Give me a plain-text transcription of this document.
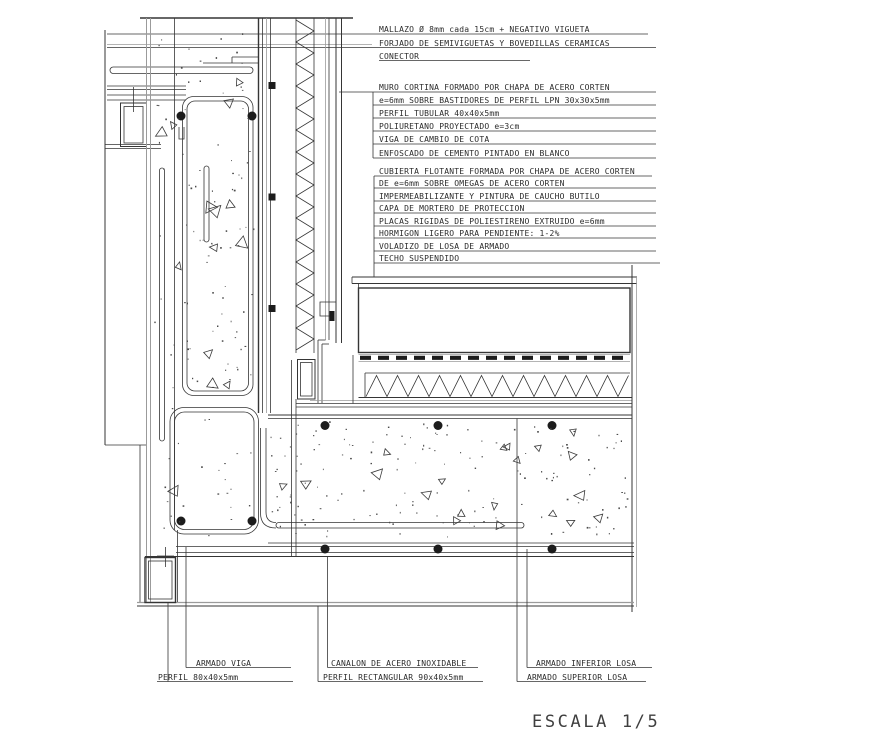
MALLAZO Ø 8mm cada 15cm + NEGATIVO VIGUETA
FORJADO DE SEMIVIGUETAS Y BOVEDILLAS CERAMICAS
CONECTOR
MURO CORTINA FORMADO POR CHAPA DE ACERO CORTEN
e=6mm SOBRE BASTIDORES DE PERFIL LPN 30x30x5mm
PERFIL TUBULAR 40x40x5mm
POLIURETANO PROYECTADO e=3cm
VIGA DE CAMBIO DE COTA
ENFOSCADO DE CEMENTO PINTADO EN BLANCO
CUBIERTA FLOTANTE FORMADA POR CHAPA DE ACERO CORTEN
DE e=6mm SOBRE OMEGAS DE ACERO CORTEN
IMPERMEABILIZANTE Y PINTURA DE CAUCHO BUTILO
CAPA DE MORTERO DE PROTECCION
PLACAS RIGIDAS DE POLIESTIRENO EXTRUIDO e=6mm
HORMIGON LIGERO PARA PENDIENTE: 1-2%
VOLADIZO DE LOSA DE ARMADO
TECHO SUSPENDIDO
ARMADO VIGA
PERFIL 80x40x5mm
CANALON DE ACERO INOXIDABLE
PERFIL RECTANGULAR 90x40x5mm
ARMADO INFERIOR LOSA
ARMADO SUPERIOR LOSA
ESCALA 1/5
